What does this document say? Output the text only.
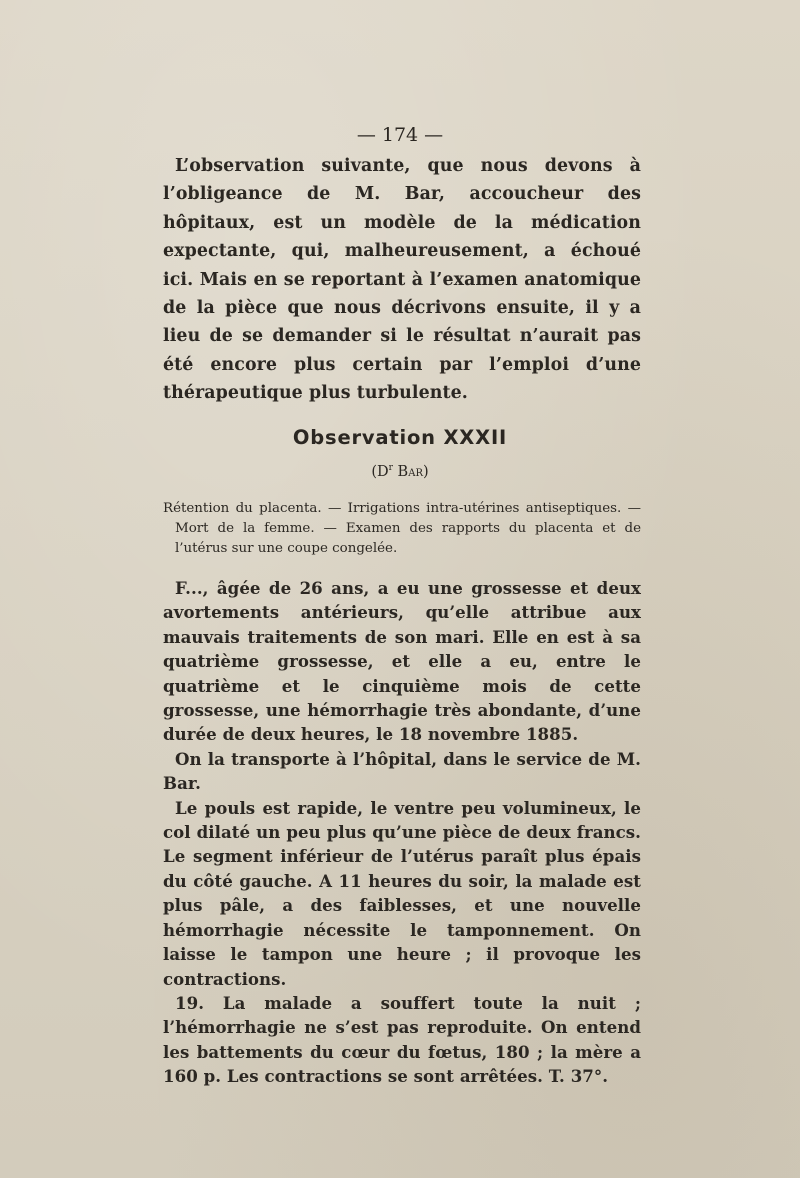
— 174 —

L’observation suivante, que nous devons à l’obligeance de M. Bar, accoucheur des hôpitaux, est un modèle de la médication expectante, qui, malheureusement, a échoué ici. Mais en se reportant à l’examen anatomique de la pièce que nous décrivons ensuite, il y a lieu de se demander si le résultat n’aurait pas été encore plus certain par l’emploi d’une thérapeutique plus turbulente.

Observation XXXII
($D^r$ Bar)

Rétention du placenta. — Irrigations intra-utérines antiseptiques. — Mort de la femme. — Examen des rapports du placenta et de l’utérus sur une coupe congelée.

F..., âgée de 26 ans, a eu une grossesse et deux avortements antérieurs, qu’elle attribue aux mauvais traitements de son mari. Elle en est à sa quatrième grossesse, et elle a eu, entre le quatrième et le cinquième mois de cette grossesse, une hémorrhagie très abondante, d’une durée de deux heures, le 18 novembre 1885.

On la transporte à l’hôpital, dans le service de M. Bar.

Le pouls est rapide, le ventre peu volumineux, le col dilaté un peu plus qu’une pièce de deux francs. Le segment inférieur de l’utérus paraît plus épais du côté gauche. A 11 heures du soir, la malade est plus pâle, a des faiblesses, et une nouvelle hémorrhagie nécessite le tamponnement. On laisse le tampon une heure ; il provoque les contractions.

19. La malade a souffert toute la nuit ; l’hémorrhagie ne s’est pas reproduite. On entend les battements du cœur du fœtus, 180 ; la mère a 160 p. Les contractions se sont arrêtées. T. 37°.
